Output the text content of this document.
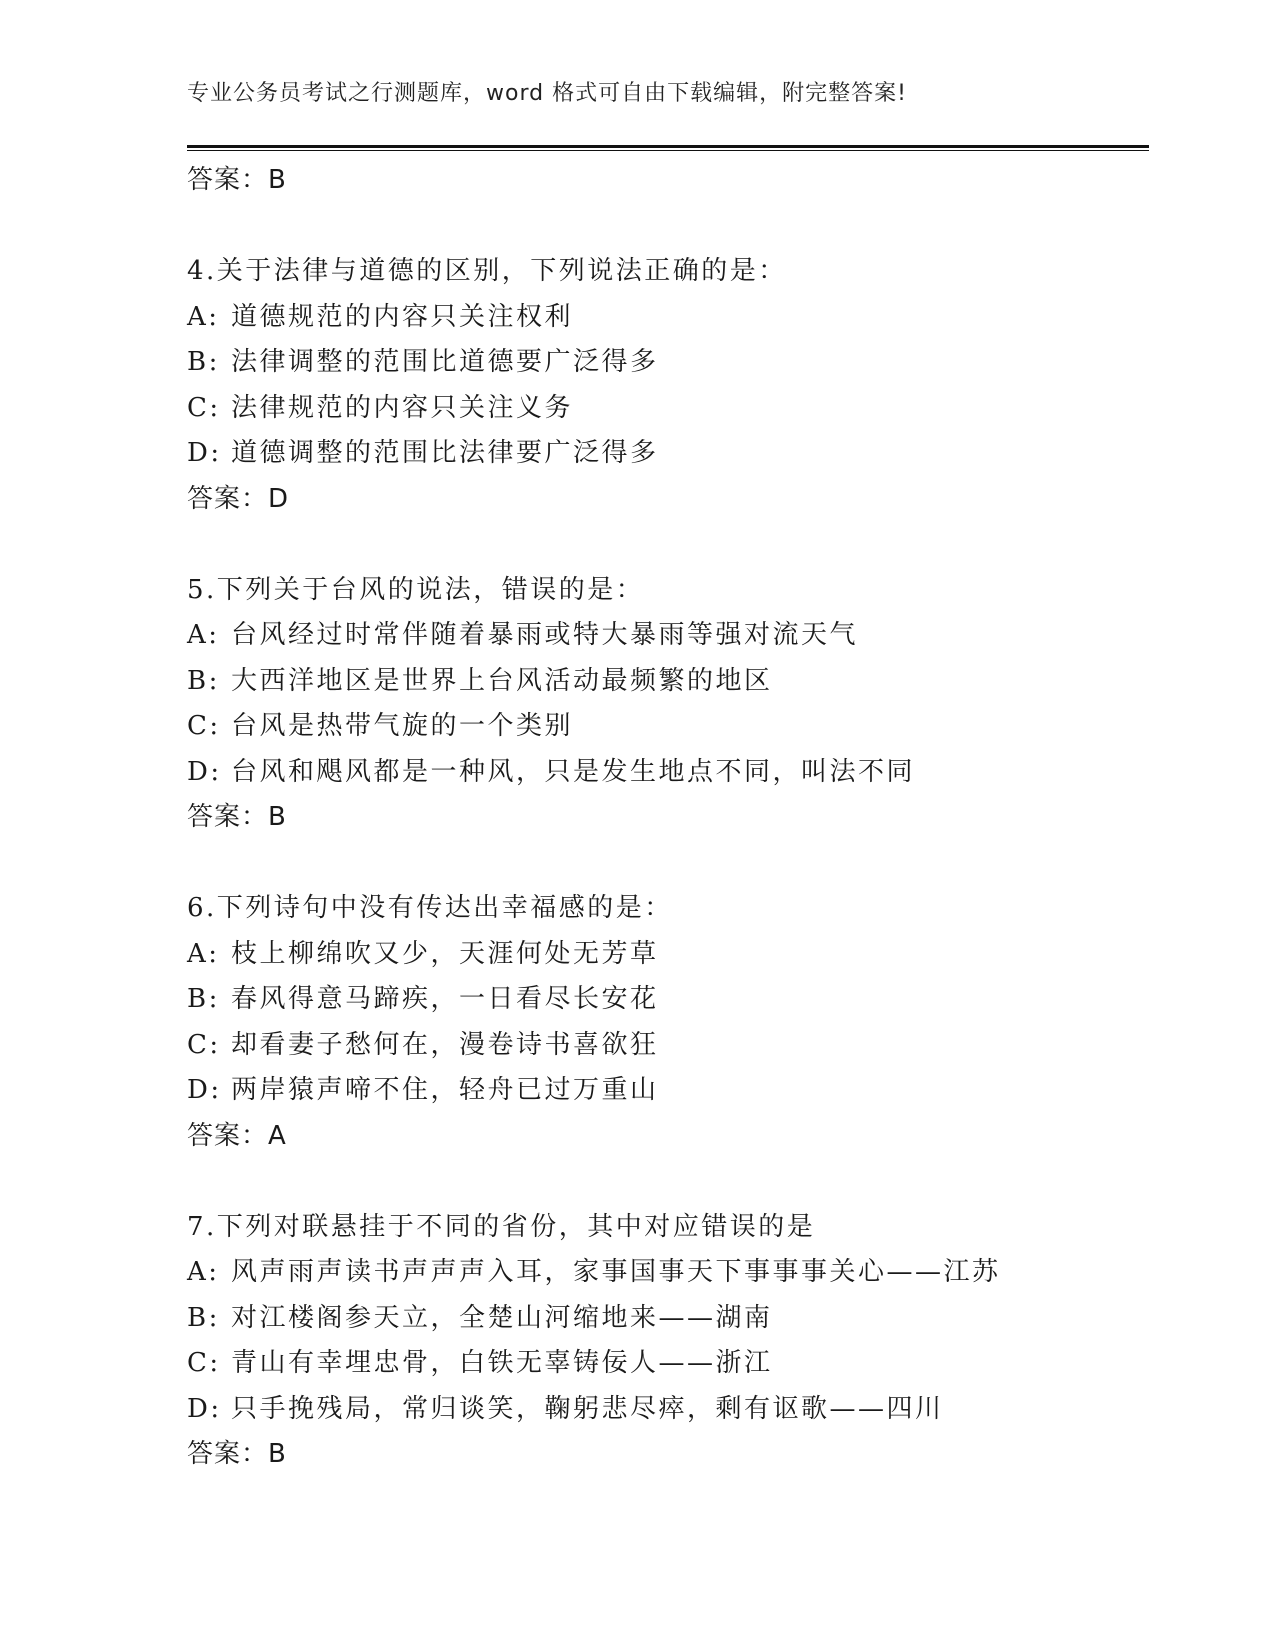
专业公务员考试之行测题库，word 格式可自由下载编辑，附完整答案!
答案：B
4.关于法律与道德的区别，下列说法正确的是：
A: 道德规范的内容只关注权利
B: 法律调整的范围比道德要广泛得多
C: 法律规范的内容只关注义务
D: 道德调整的范围比法律要广泛得多
答案：D
5.下列关于台风的说法，错误的是：
A: 台风经过时常伴随着暴雨或特大暴雨等强对流天气
B: 大西洋地区是世界上台风活动最频繁的地区
C: 台风是热带气旋的一个类别
D: 台风和飓风都是一种风，只是发生地点不同，叫法不同
答案：B
6.下列诗句中没有传达出幸福感的是：
A: 枝上柳绵吹又少，天涯何处无芳草
B: 春风得意马蹄疾，一日看尽长安花
C: 却看妻子愁何在，漫卷诗书喜欲狂
D: 两岸猿声啼不住，轻舟已过万重山
答案：A
7.下列对联悬挂于不同的省份，其中对应错误的是
A: 风声雨声读书声声声入耳，家事国事天下事事事关心——江苏
B: 对江楼阁参天立，全楚山河缩地来——湖南
C: 青山有幸埋忠骨，白铁无辜铸佞人——浙江
D: 只手挽残局，常归谈笑，鞠躬悲尽瘁，剩有讴歌——四川
答案：B
